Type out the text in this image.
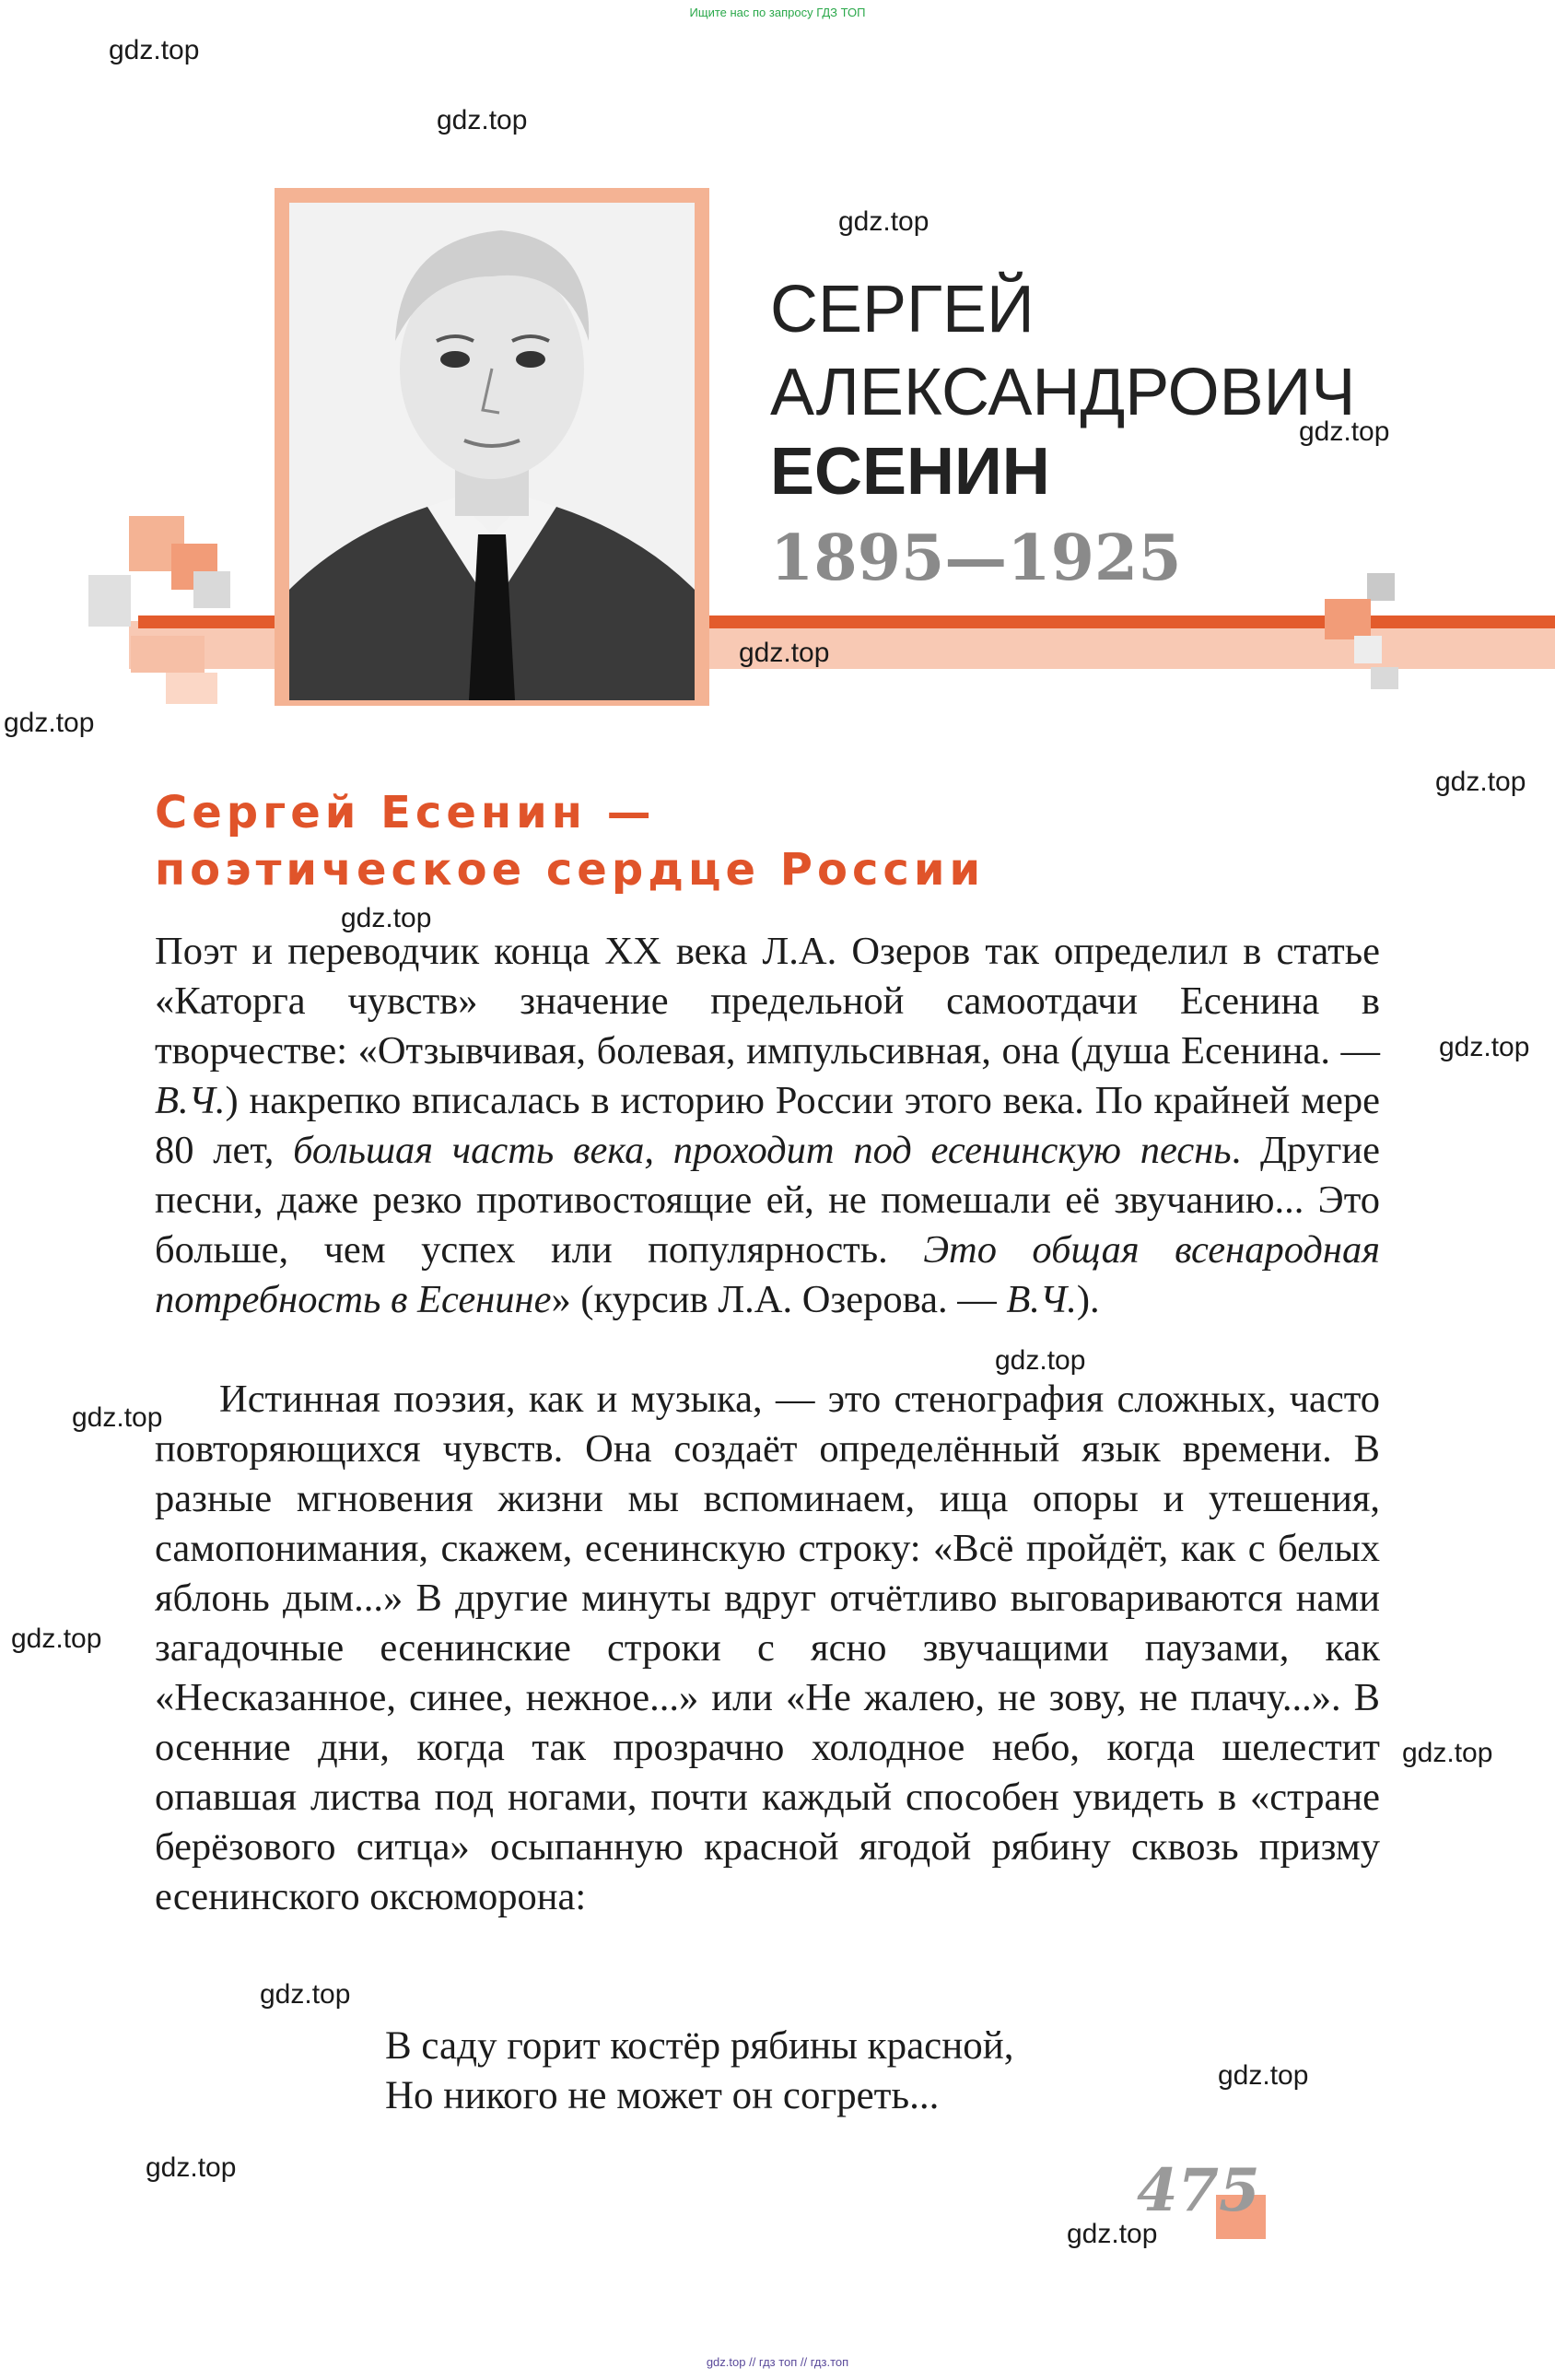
Ищите нас по запросу ГДЗ ТОП
СЕРГЕЙ
АЛЕКСАНДРОВИЧ
ЕСЕНИН
1895—1925
Сергей Есенин —
поэтическое сердце России

Поэт и переводчик конца XX века Л.А. Озеров так определил в статье «Каторга чувств» значение предельной самоотдачи Есенина в творчестве: «Отзывчивая, болевая, импульсивная, она (душа Есенина. — В.Ч.) накрепко вписалась в историю России этого века. По крайней мере 80 лет, большая часть века, проходит под есенинскую песнь. Другие песни, даже резко противостоящие ей, не помешали её звучанию... Это больше, чем успех или популярность. Это общая всенародная потребность в Есенине» (курсив Л.А. Озерова. — В.Ч.).

Истинная поэзия, как и музыка, — это стенография сложных, часто повторяющихся чувств. Она создаёт определённый язык времени. В разные мгновения жизни мы вспоминаем, ища опоры и утешения, самопонимания, скажем, есенинскую строку: «Всё пройдёт, как с белых яблонь дым...» В другие минуты вдруг отчётливо выговариваются нами загадочные есенинские строки с ясно звучащими паузами, как «Несказанное, синее, нежное...» или «Не жалею, не зову, не плачу...». В осенние дни, когда так прозрачно холодное небо, когда шелестит опавшая листва под ногами, почти каждый способен увидеть в «стране берёзового ситца» осыпанную красной ягодой рябину сквозь призму есенинского оксюморона:

В саду горит костёр рябины красной,
Но никого не может он согреть...
475
gdz.top
gdz.top
gdz.top
gdz.top
gdz.top
gdz.top
gdz.top
gdz.top
gdz.top
gdz.top
gdz.top
gdz.top
gdz.top
gdz.top
gdz.top
gdz.top
gdz.top
gdz.top // гдз топ // гдз.топ
